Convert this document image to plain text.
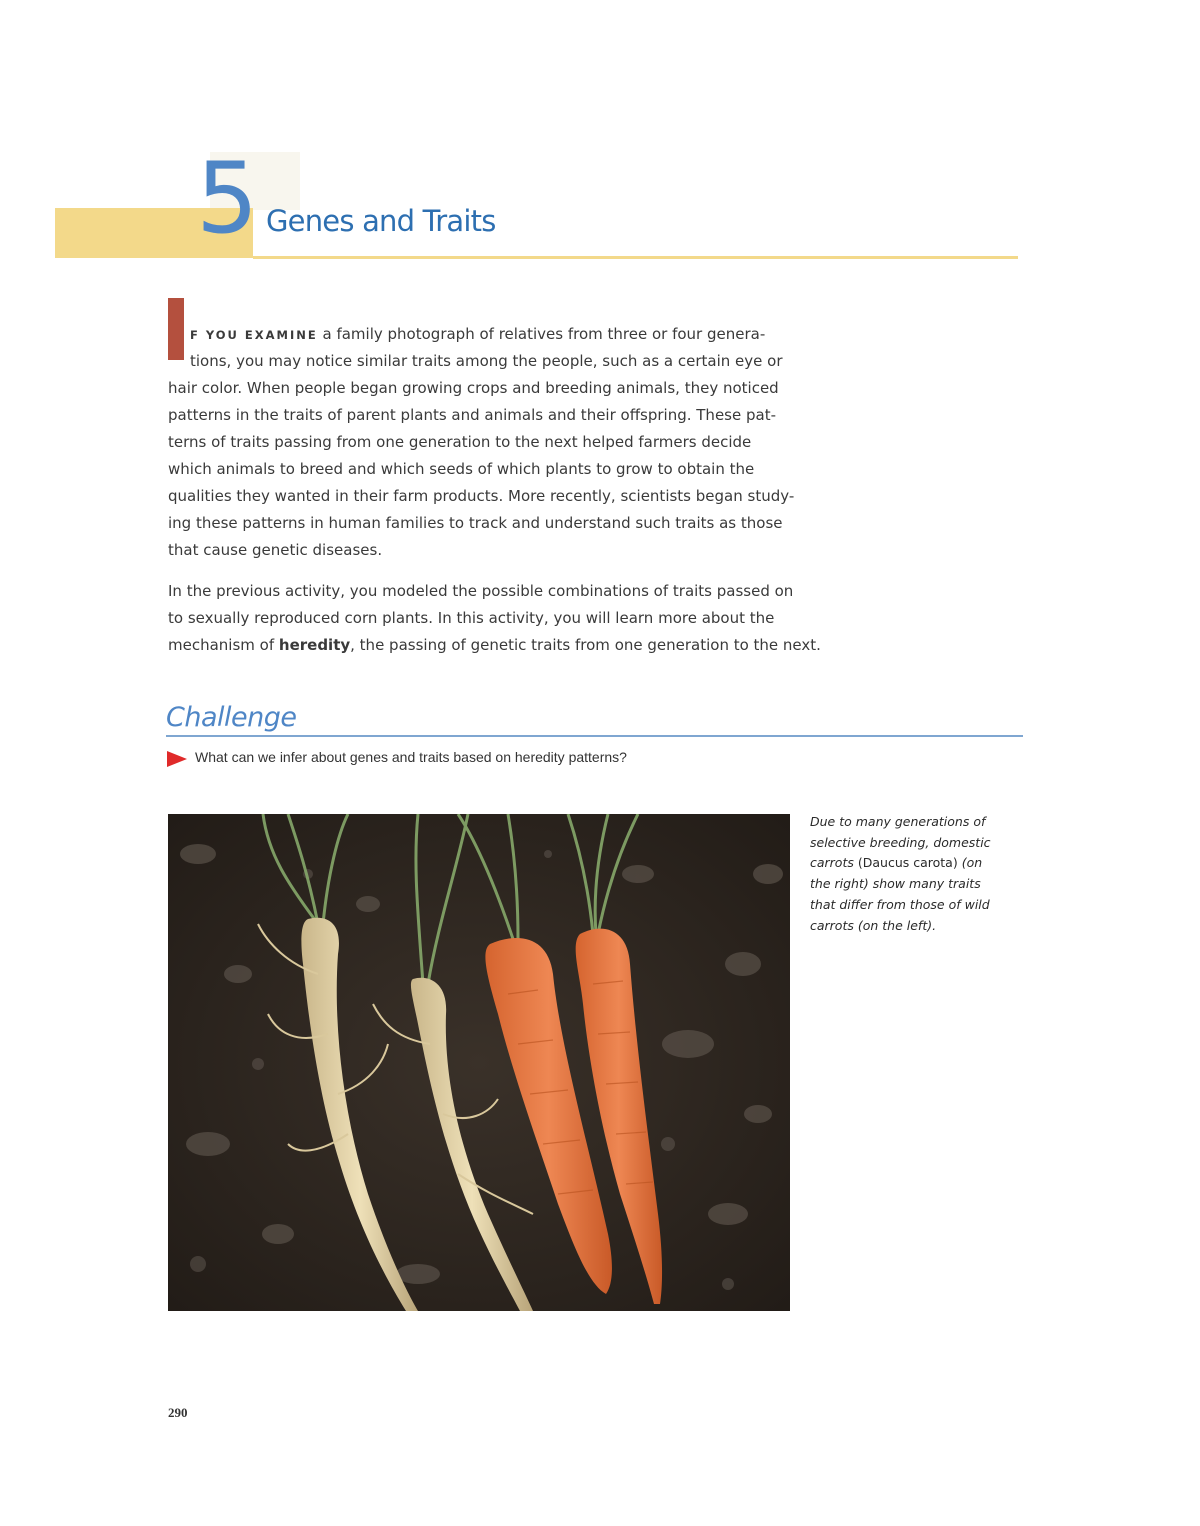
5 Genes and Traits
F YOU EXAMINE a family photograph of relatives from three or four genera-
tions, you may notice similar traits among the people, such as a certain eye or
hair color. When people began growing crops and breeding animals, they noticed
patterns in the traits of parent plants and animals and their offspring. These pat-
terns of traits passing from one generation to the next helped farmers decide
which animals to breed and which seeds of which plants to grow to obtain the
qualities they wanted in their farm products. More recently, scientists began study-
ing these patterns in human families to track and understand such traits as those
that cause genetic diseases.
In the previous activity, you modeled the possible combinations of traits passed on
to sexually reproduced corn plants. In this activity, you will learn more about the
mechanism of heredity, the passing of genetic traits from one generation to the next.
Challenge
What can we infer about genes and traits based on heredity patterns?
Due to many generations of selective breeding, domestic carrots (Daucus carota) (on the right) show many traits that differ from those of wild carrots (on the left).
290
